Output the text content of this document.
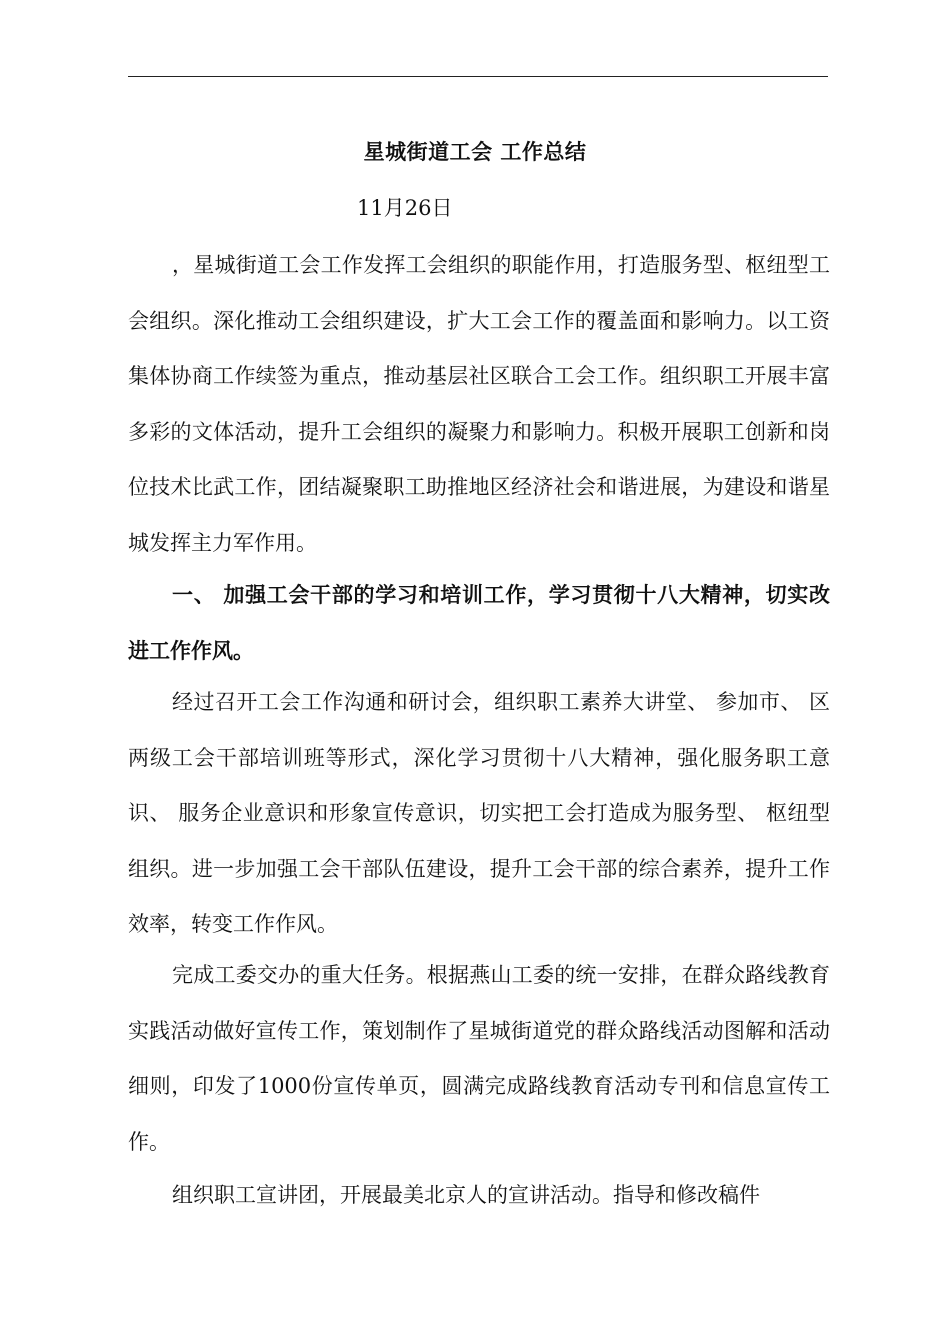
星城街道工会 工作总结
11月26日

，星城街道工会工作发挥工会组织的职能作用，打造服务型、枢纽型工会组织。深化推动工会组织建设，扩大工会工作的覆盖面和影响力。以工资集体协商工作续签为重点，推动基层社区联合工会工作。组织职工开展丰富多彩的文体活动，提升工会组织的凝聚力和影响力。积极开展职工创新和岗位技术比武工作，团结凝聚职工助推地区经济社会和谐进展，为建设和谐星城发挥主力军作用。

一、 加强工会干部的学习和培训工作，学习贯彻十八大精神，切实改进工作作风。

经过召开工会工作沟通和研讨会，组织职工素养大讲堂、 参加市、 区两级工会干部培训班等形式，深化学习贯彻十八大精神，强化服务职工意识、 服务企业意识和形象宣传意识，切实把工会打造成为服务型、 枢纽型组织。进一步加强工会干部队伍建设，提升工会干部的综合素养，提升工作效率，转变工作作风。

完成工委交办的重大任务。根据燕山工委的统一安排，在群众路线教育实践活动做好宣传工作，策划制作了星城街道党的群众路线活动图解和活动细则，印发了1000份宣传单页，圆满完成路线教育活动专刊和信息宣传工作。

组织职工宣讲团，开展最美北京人的宣讲活动。指导和修改稿件
